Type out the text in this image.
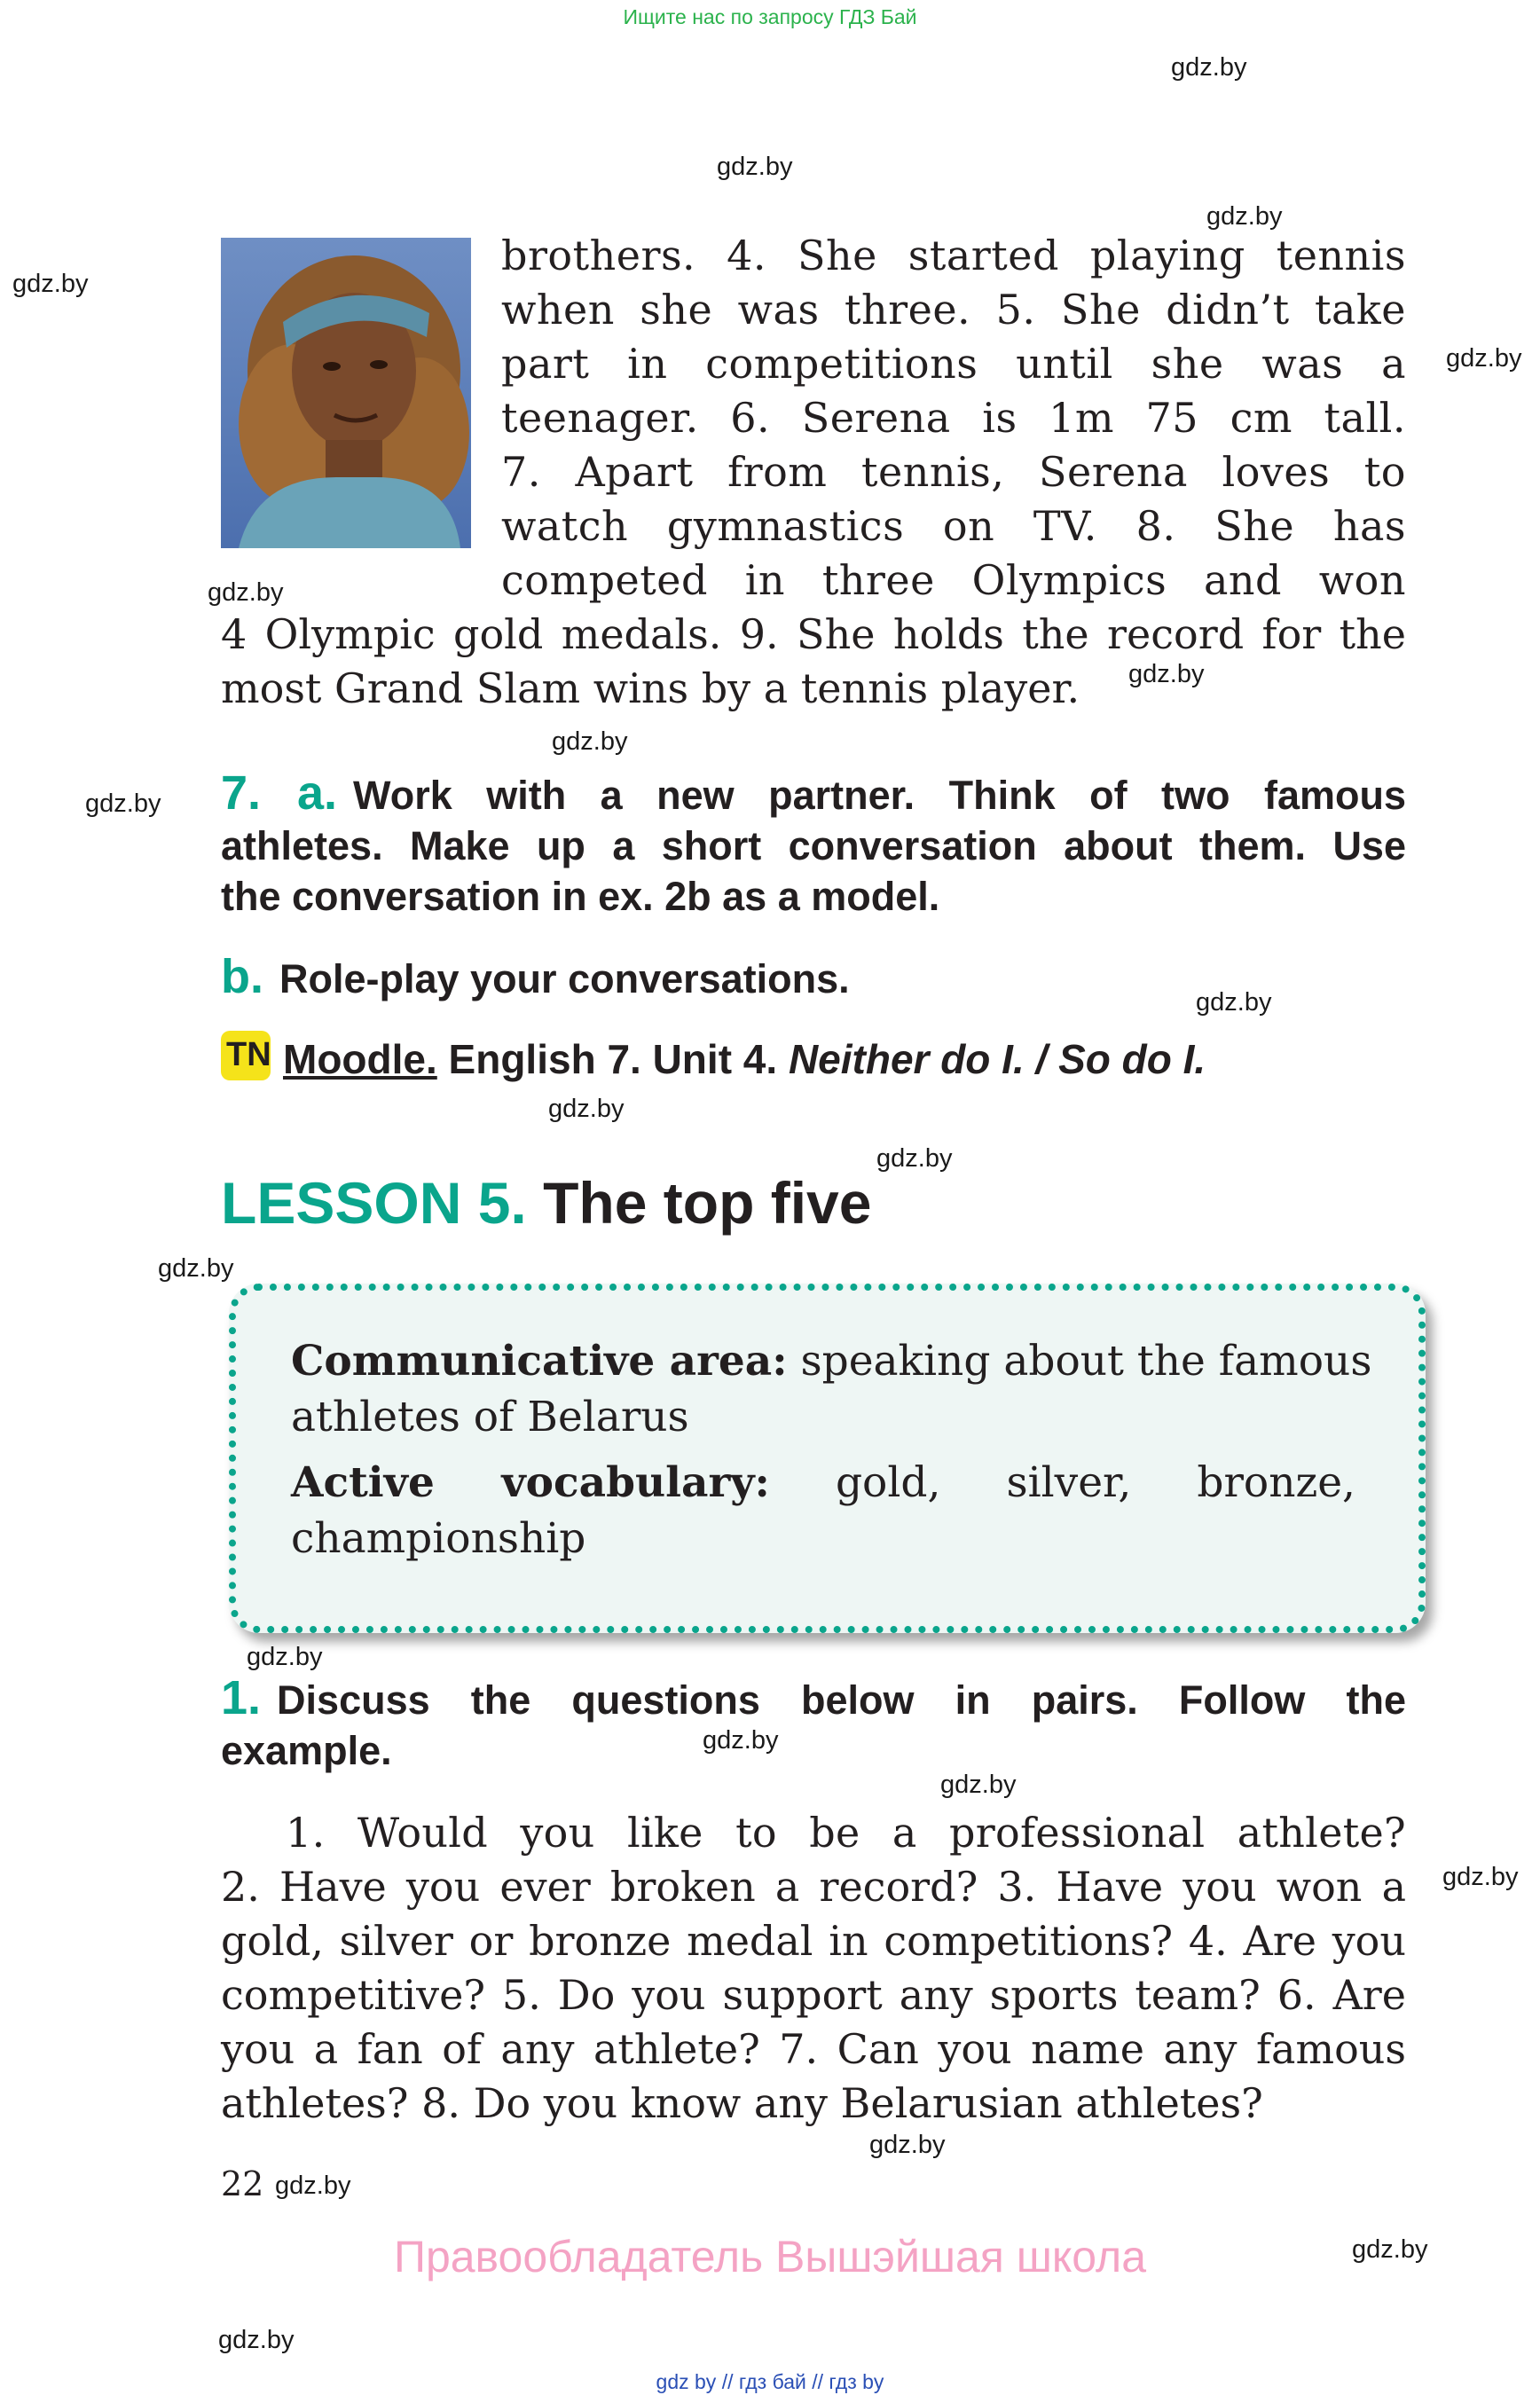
Ищите нас по запросу ГДЗ Бай
gdz.by
gdz.by
gdz.by
gdz.by
gdz.by
gdz.by
gdz.by
gdz.by
gdz.by
gdz.by
gdz.by
gdz.by
gdz.by
gdz.by
gdz.by
gdz.by
gdz.by
gdz.by
gdz.by
gdz.by
gdz.by
brothers. 4. She started playing tennis
when she was three. 5. She didn’t take
part in competitions until she was a
teenager. 6. Serena is 1m 75 cm tall.
7. Apart from tennis, Serena loves to
watch gymnastics on TV. 8. She has
competed in three Olympics and won
4 Olympic gold medals. 9. She holds the record for the
most Grand Slam wins by a tennis player.
7. a. Work with a new partner. Think of two famous
athletes. Make up a short conversation about them. Use
the conversation in ex. 2b as a model.
b. Role-play your conversations.
TN Moodle. English 7. Unit 4. Neither do I. / So do I.
LESSON 5. The top five
Communicative area: speaking about the famous
athletes of Belarus
Active vocabulary: gold, silver, bronze,
championship
1. Discuss the questions below in pairs. Follow the
example.
1. Would you like to be a professional athlete?
2. Have you ever broken a record? 3. Have you won a
gold, silver or bronze medal in competitions? 4. Are you
competitive? 5. Do you support any sports team? 6. Are
you a fan of any athlete? 7. Can you name any famous
athletes? 8. Do you know any Belarusian athletes?
22
Правообладатель Вышэйшая школа
gdz by // гдз бай // гдз by
